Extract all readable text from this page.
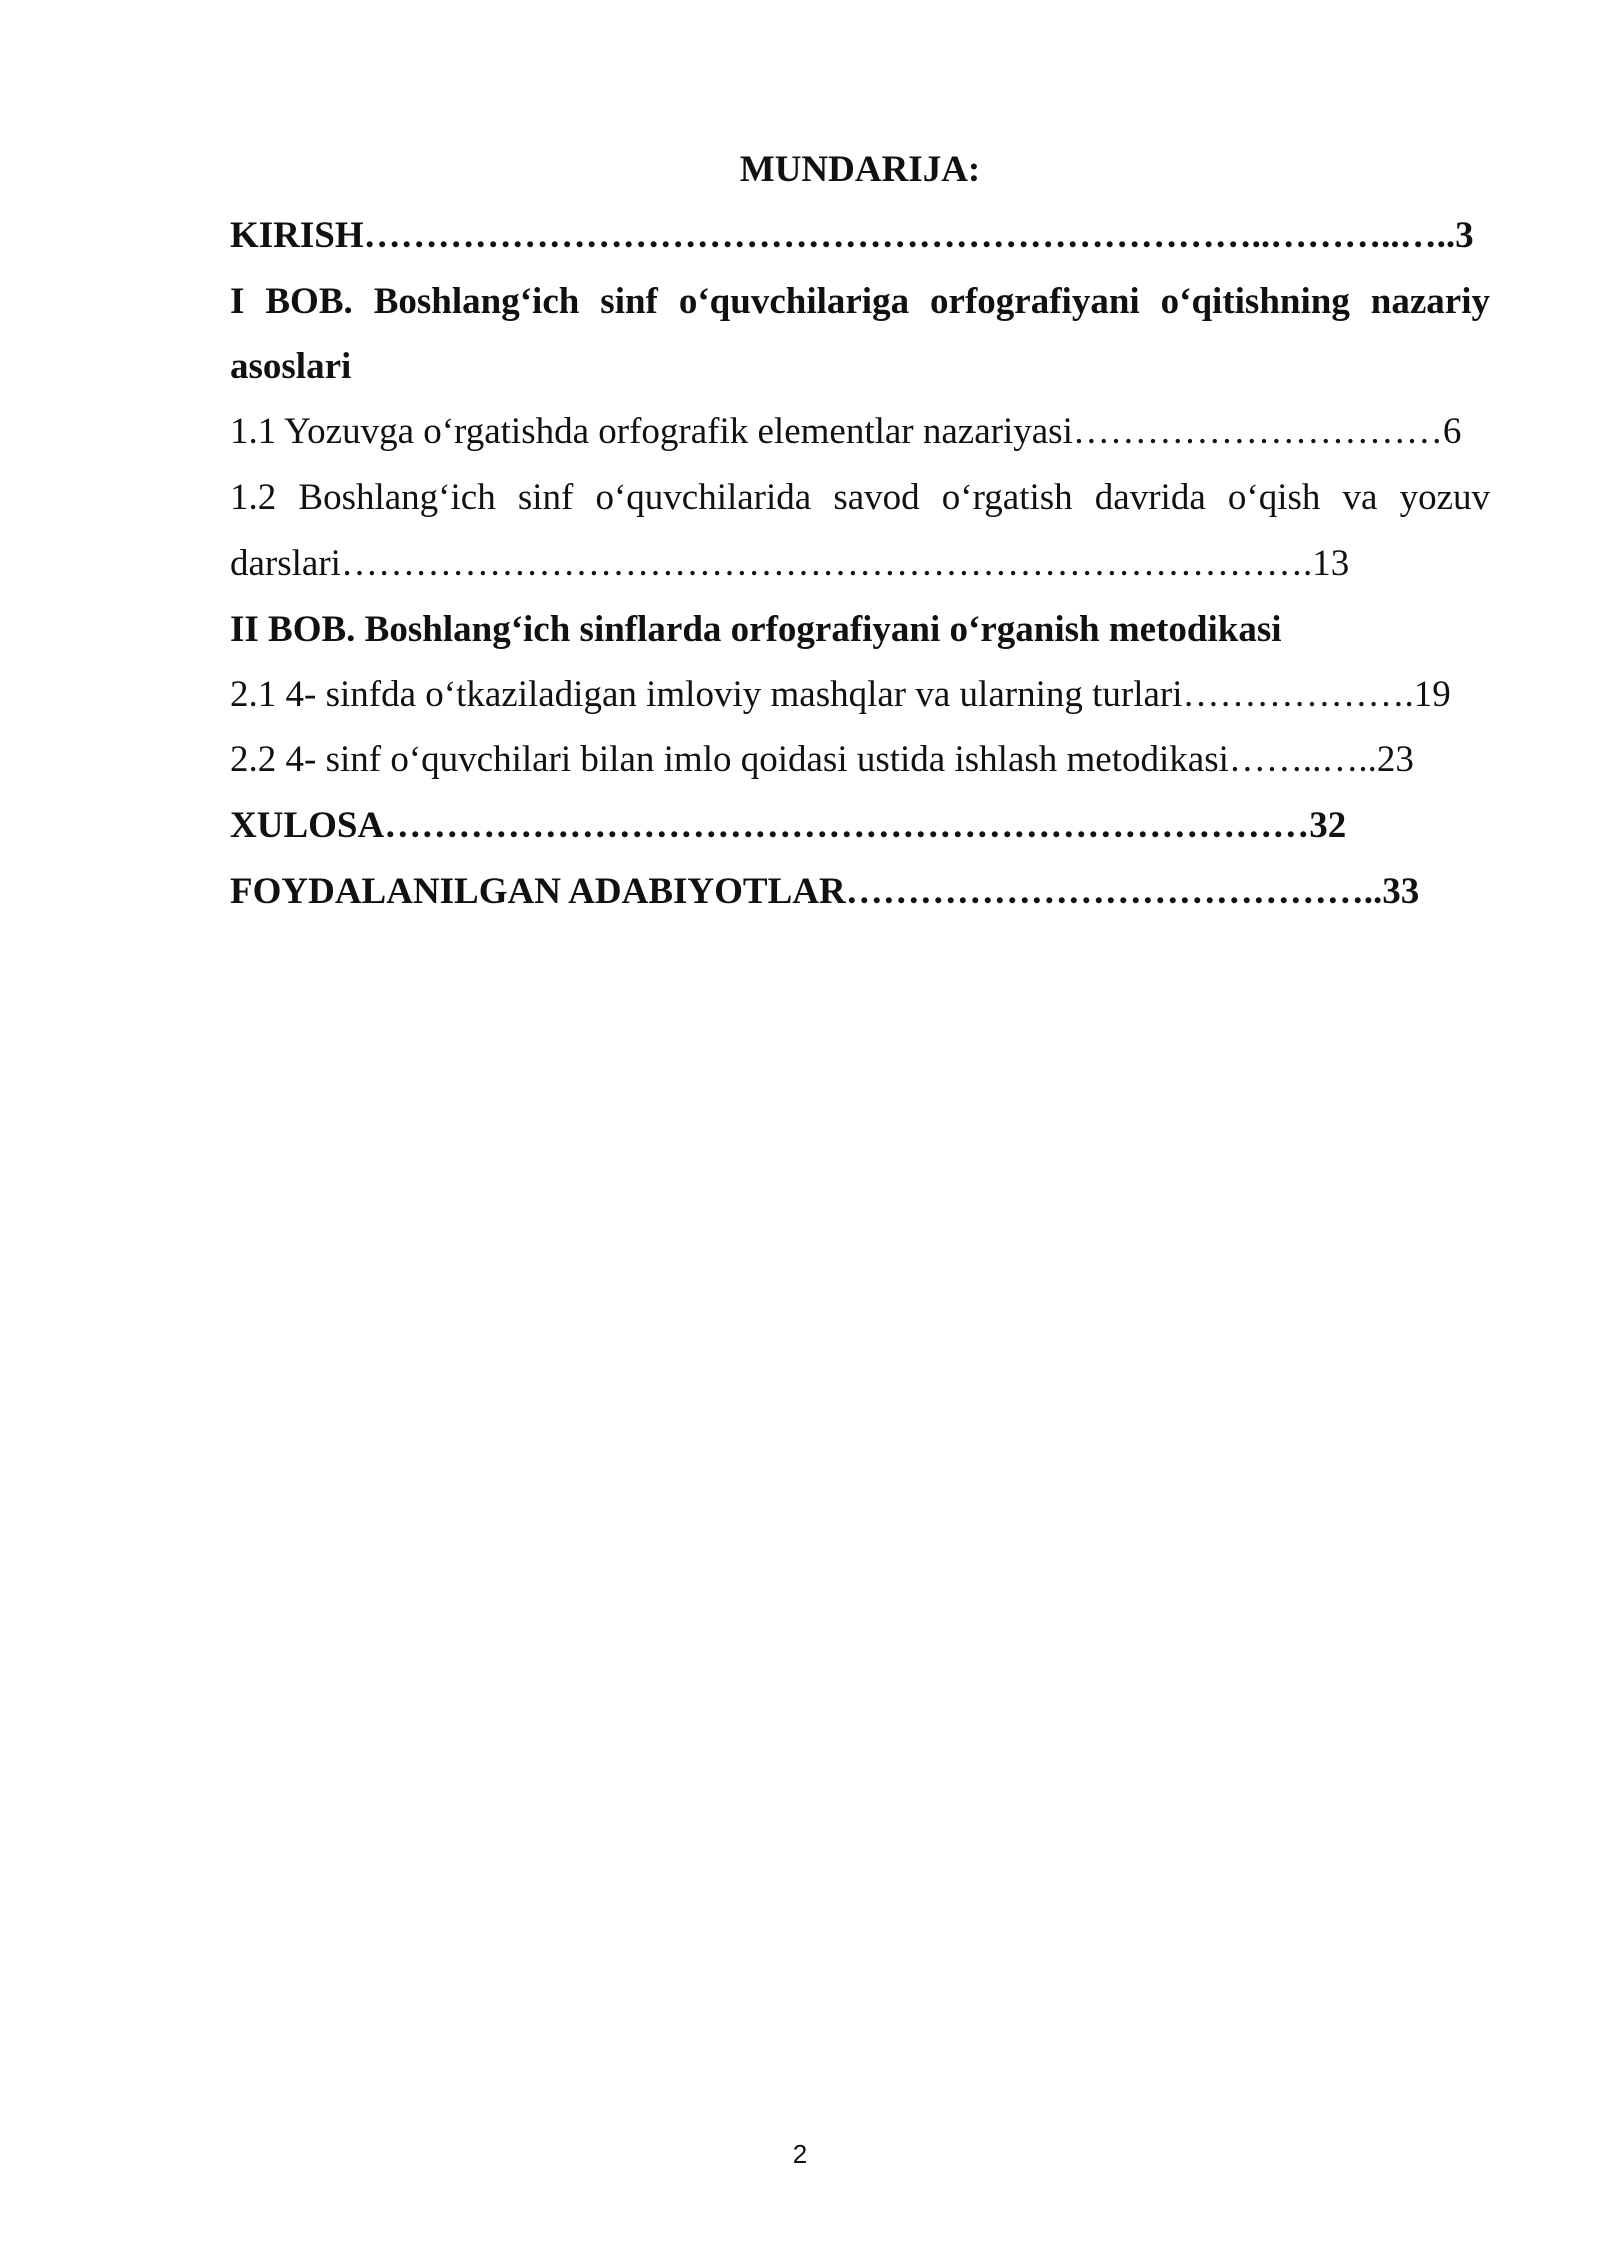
MUNDARIJA:
KIRISH………………………………………………………………..………..…..3
I BOB. Boshlang‘ich sinf o‘quvchilariga orfografiyani o‘qitishning nazariy
asoslari
1.1 Yozuvga o‘rgatishda orfografik elementlar nazariyasi…………………………6
1.2 Boshlang‘ich sinf o‘quvchilarida savod o‘rgatish davrida o‘qish va yozuv
darslari…………………………………………………………………….13
II BOB. Boshlang‘ich sinflarda orfografiyani o‘rganish metodikasi
2.1 4- sinfda o‘tkaziladigan imloviy mashqlar va ularning turlari……………….19
2.2 4- sinf o‘quvchilari bilan imlo qoidasi ustida ishlash metodikasi……..…..23
XULOSA…………………………………………………………………32
FOYDALANILGAN ADABIYOTLAR……………………………………..33
2
